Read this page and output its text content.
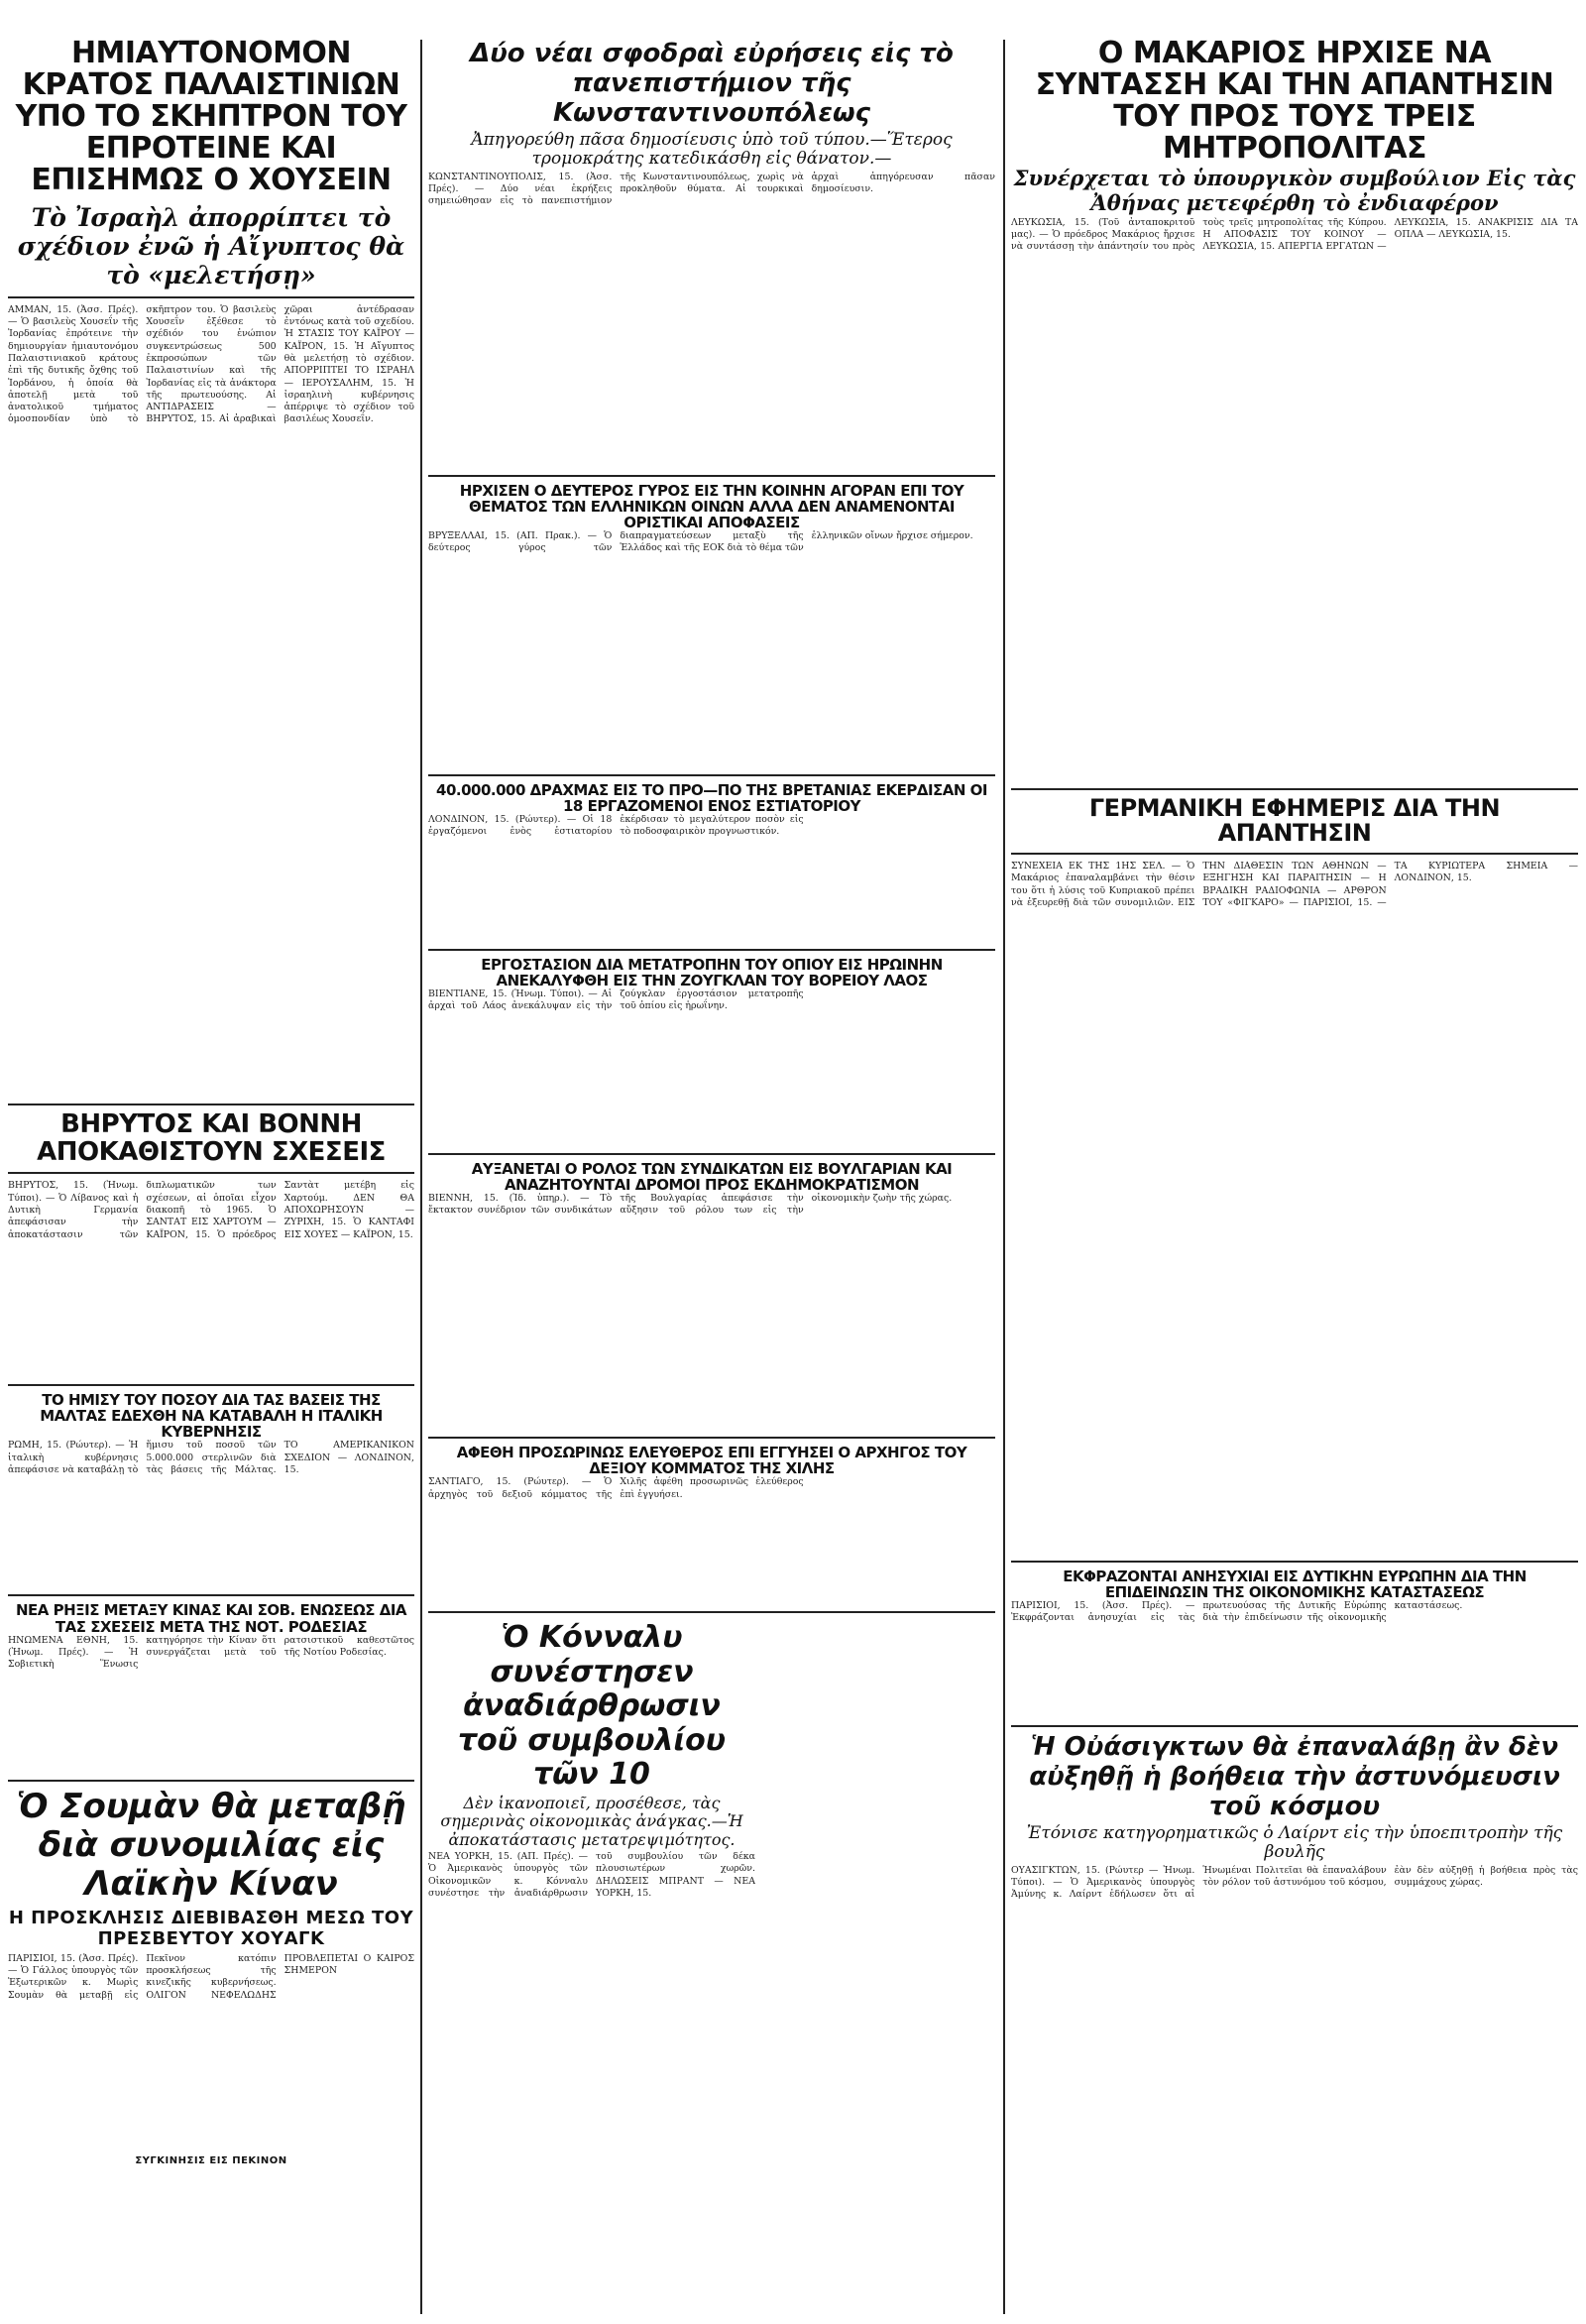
ΗΜΙΑΥΤΟΝΟΜΟΝ ΚΡΑΤΟΣ ΠΑΛΑΙΣΤΙΝΙΩΝ ΥΠΟ ΤΟ ΣΚΗΠΤΡΟΝ ΤΟΥ ΕΠΡΟΤΕΙΝΕ ΚΑΙ ΕΠΙΣΗΜΩΣ Ο ΧΟΥΣΕΙΝ
Τὸ Ἰσραὴλ ἀπορρίπτει τὸ σχέδιον ἐνῶ ἡ Αἴγυπτος θὰ τὸ «μελετήσῃ»

ΑΜΜΑΝ, 15. (Ἀσσ. Πρές). — Ὁ βασιλεὺς Χουσεΐν τῆς Ἰορδανίας ἐπρότεινε τὴν δημιουργίαν ἡμιαυτονόμου Παλαιστινιακοῦ κράτους ἐπὶ τῆς δυτικῆς ὄχθης τοῦ Ἰορδάνου, ἡ ὁποία θὰ ἀποτελῇ μετὰ τοῦ ἀνατολικοῦ τμήματος ὁμοσπονδίαν ὑπὸ τὸ σκῆπτρον του. Ὁ βασιλεὺς Χουσεΐν ἐξέθεσε τὸ σχέδιόν του ἐνώπιον συγκεντρώσεως 500 ἐκπροσώπων τῶν Παλαιστινίων καὶ τῆς Ἰορδανίας εἰς τὰ ἀνάκτορα τῆς πρωτευούσης. Αἱ ΑΝΤΙΔΡΑΣΕΙΣ — ΒΗΡΥΤΟΣ, 15. Αἱ ἀραβικαὶ χῶραι ἀντέδρασαν ἐντόνως κατὰ τοῦ σχεδίου. Ἡ ΣΤΑΣΙΣ ΤΟΥ ΚΑΪΡΟΥ — ΚΑΪΡΟΝ, 15. Ἡ Αἴγυπτος θὰ μελετήσῃ τὸ σχέδιον. ΑΠΟΡΡΙΠΤΕΙ ΤΟ ΙΣΡΑΗΛ — ΙΕΡΟΥΣΑΛΗΜ, 15. Ἡ ἰσραηλινὴ κυβέρνησις ἀπέρριψε τὸ σχέδιον τοῦ βασιλέως Χουσεΐν.

ΒΗΡΥΤΟΣ ΚΑΙ ΒΟΝΝΗ ΑΠΟΚΑΘΙΣΤΟΥΝ ΣΧΕΣΕΙΣ

ΒΗΡΥΤΟΣ, 15. (Ἠνωμ. Τύποι). — Ὁ Λίβανος καὶ ἡ Δυτικὴ Γερμανία ἀπεφάσισαν τὴν ἀποκατάστασιν τῶν διπλωματικῶν των σχέσεων, αἱ ὁποῖαι εἶχον διακοπῆ τὸ 1965. Ὁ ΣΑΝΤΑΤ ΕΙΣ ΧΑΡΤΟΥΜ — ΚΑΪΡΟΝ, 15. Ὁ πρόεδρος Σαντὰτ μετέβη εἰς Χαρτούμ. ΔΕΝ ΘΑ ΑΠΟΧΩΡΗΣΟΥΝ — ΖΥΡΙΧΗ, 15. Ὁ ΚΑΝΤΑΦΙ ΕΙΣ ΧΟΥΕΣ — ΚΑΪΡΟΝ, 15.

ΤΟ ΗΜΙΣΥ ΤΟΥ ΠΟΣΟΥ ΔΙΑ ΤΑΣ ΒΑΣΕΙΣ ΤΗΣ ΜΑΛΤΑΣ ΕΔΕΧΘΗ ΝΑ ΚΑΤΑΒΑΛΗ Η ΙΤΑΛΙΚΗ ΚΥΒΕΡΝΗΣΙΣ

ΡΩΜΗ, 15. (Ρώυτερ). — Ἡ ἰταλικὴ κυβέρνησις ἀπεφάσισε νὰ καταβάλῃ τὸ ἥμισυ τοῦ ποσοῦ τῶν 5.000.000 στερλινῶν διὰ τὰς βάσεις τῆς Μάλτας. ΤΟ ΑΜΕΡΙΚΑΝΙΚΟΝ ΣΧΕΔΙΟΝ — ΛΟΝΔΙΝΟΝ, 15.

ΝΕΑ ΡΗΞΙΣ ΜΕΤΑΞΥ ΚΙΝΑΣ ΚΑΙ ΣΟΒ. ΕΝΩΣΕΩΣ ΔΙΑ ΤΑΣ ΣΧΕΣΕΙΣ ΜΕΤΑ ΤΗΣ ΝΟΤ. ΡΟΔΕΣΙΑΣ

ΗΝΩΜΕΝΑ ΕΘΝΗ, 15. (Ἠνωμ. Πρές). — Ἡ Σοβιετικὴ Ἕνωσις κατηγόρησε τὴν Κίναν ὅτι συνεργάζεται μετὰ τοῦ ρατσιστικοῦ καθεστῶτος τῆς Νοτίου Ροδεσίας.

Ὁ Σουμὰν θὰ μεταβῇ διὰ συνομιλίας εἰς Λαϊκὴν Κίναν
Η ΠΡΟΣΚΛΗΣΙΣ ΔΙΕΒΙΒΑΣΘΗ ΜΕΣΩ ΤΟΥ ΠΡΕΣΒΕΥΤΟΥ ΧΟΥΑΓΚ

ΠΑΡΙΣΙΟΙ, 15. (Ἀσσ. Πρές). — Ὁ Γάλλος ὑπουργὸς τῶν Ἐξωτερικῶν κ. Μωρὶς Σουμὰν θὰ μεταβῇ εἰς Πεκῖνον κατόπιν προσκλήσεως τῆς κινεζικῆς κυβερνήσεως. ΟΛΙΓΟΝ ΝΕΦΕΛΩΔΗΣ ΠΡΟΒΛΕΠΕΤΑΙ Ο ΚΑΙΡΟΣ ΣΗΜΕΡΟΝ

ΣΥΓΚΙΝΗΣΙΣ ΕΙΣ ΠΕΚΙΝΟΝ
Δύο νέαι σφοδραὶ εὐρήσεις εἰς τὸ πανεπιστήμιον τῆς Κωνσταντινουπόλεως
Ἀπηγορεύθη πᾶσα δημοσίευσις ὑπὸ τοῦ τύπου.—Ἕτερος τρομοκράτης κατεδικάσθη εἰς θάνατον.—

ΚΩΝΣΤΑΝΤΙΝΟΥΠΟΛΙΣ, 15. (Ἀσσ. Πρές). — Δύο νέαι ἐκρήξεις σημειώθησαν εἰς τὸ πανεπιστήμιον τῆς Κωνσταντινουπόλεως, χωρὶς νὰ προκληθοῦν θύματα. Αἱ τουρκικαὶ ἀρχαὶ ἀπηγόρευσαν πᾶσαν δημοσίευσιν.

ΗΡΧΙΣΕΝ Ο ΔΕΥΤΕΡΟΣ ΓΥΡΟΣ ΕΙΣ ΤΗΝ ΚΟΙΝΗΝ ΑΓΟΡΑΝ ΕΠΙ ΤΟΥ ΘΕΜΑΤΟΣ ΤΩΝ ΕΛΛΗΝΙΚΩΝ ΟΙΝΩΝ ΑΛΛΑ ΔΕΝ ΑΝΑΜΕΝΟΝΤΑΙ ΟΡΙΣΤΙΚΑΙ ΑΠΟΦΑΣΕΙΣ

ΒΡΥΞΕΛΛΑΙ, 15. (ΑΠ. Πρακ.). — Ὁ δεύτερος γύρος τῶν διαπραγματεύσεων μεταξὺ τῆς Ἑλλάδος καὶ τῆς ΕΟΚ διὰ τὸ θέμα τῶν ἑλληνικῶν οἴνων ἤρχισε σήμερον.

40.000.000 ΔΡΑΧΜΑΣ ΕΙΣ ΤΟ ΠΡΟ—ΠΟ ΤΗΣ ΒΡΕΤΑΝΙΑΣ ΕΚΕΡΔΙΣΑΝ ΟΙ 18 ΕΡΓΑΖΟΜΕΝΟΙ ΕΝΟΣ ΕΣΤΙΑΤΟΡΙΟΥ

ΛΟΝΔΙΝΟΝ, 15. (Ρώυτερ). — Οἱ 18 ἐργαζόμενοι ἑνὸς ἑστιατορίου ἐκέρδισαν τὸ μεγαλύτερον ποσὸν εἰς τὸ ποδοσφαιρικὸν προγνωστικόν.

ΕΡΓΟΣΤΑΣΙΟΝ ΔΙΑ ΜΕΤΑΤΡΟΠΗΝ ΤΟΥ ΟΠΙΟΥ ΕΙΣ ΗΡΩΙΝΗΝ ΑΝΕΚΑΛΥΦΘΗ ΕΙΣ ΤΗΝ ΖΟΥΓΚΛΑΝ ΤΟΥ ΒΟΡΕΙΟΥ ΛΑΟΣ

ΒΙΕΝΤΙΑΝΕ, 15. (Ἠνωμ. Τύποι). — Αἱ ἀρχαὶ τοῦ Λάος ἀνεκάλυψαν εἰς τὴν ζούγκλαν ἐργοστάσιον μετατροπῆς τοῦ ὀπίου εἰς ἡρωΐνην.

ΑΥΞΑΝΕΤΑΙ Ο ΡΟΛΟΣ ΤΩΝ ΣΥΝΔΙΚΑΤΩΝ ΕΙΣ ΒΟΥΛΓΑΡΙΑΝ ΚΑΙ ΑΝΑΖΗΤΟΥΝΤΑΙ ΔΡΟΜΟΙ ΠΡΟΣ ΕΚΔΗΜΟΚΡΑΤΙΣΜΟΝ

ΒΙΕΝΝΗ, 15. (Ἰδ. ὑπηρ.). — Τὸ ἔκτακτον συνέδριον τῶν συνδικάτων τῆς Βουλγαρίας ἀπεφάσισε τὴν αὔξησιν τοῦ ρόλου των εἰς τὴν οἰκονομικὴν ζωὴν τῆς χώρας.

ΑΦΕΘΗ ΠΡΟΣΩΡΙΝΩΣ ΕΛΕΥΘΕΡΟΣ ΕΠΙ ΕΓΓΥΗΣΕΙ Ο ΑΡΧΗΓΟΣ ΤΟΥ ΔΕΞΙΟΥ ΚΟΜΜΑΤΟΣ ΤΗΣ ΧΙΛΗΣ

ΣΑΝΤΙΑΓΟ, 15. (Ρώυτερ). — Ὁ ἀρχηγὸς τοῦ δεξιοῦ κόμματος τῆς Χιλῆς ἀφέθη προσωρινῶς ἐλεύθερος ἐπὶ ἐγγυήσει.

Ὁ Κόνναλυ συνέστησεν ἀναδιάρθρωσιν τοῦ συμβουλίου τῶν 10
Δὲν ἱκανοποιεῖ, προσέθεσε, τὰς σημερινὰς οἰκονομικὰς ἀνάγκας.—Ἡ ἀποκατάστασις μετατρεψιμότητος.

ΝΕΑ ΥΟΡΚΗ, 15. (ΑΠ. Πρές). — Ὁ Ἀμερικανὸς ὑπουργὸς τῶν Οἰκονομικῶν κ. Κόνναλυ συνέστησε τὴν ἀναδιάρθρωσιν τοῦ συμβουλίου τῶν δέκα πλουσιωτέρων χωρῶν. ΔΗΛΩΣΕΙΣ ΜΠΡΑΝΤ — ΝΕΑ ΥΟΡΚΗ, 15.

Ο ΜΑΚΑΡΙΟΣ ΗΡΧΙΣΕ ΝΑ ΣΥΝΤΑΣΣΗ ΚΑΙ ΤΗΝ ΑΠΑΝΤΗΣΙΝ ΤΟΥ ΠΡΟΣ ΤΟΥΣ ΤΡΕΙΣ ΜΗΤΡΟΠΟΛΙΤΑΣ
Συνέρχεται τὸ ὑπουργικὸν συμβούλιον Εἰς τὰς Ἀθήνας μετεφέρθη τὸ ἐνδιαφέρον

ΛΕΥΚΩΣΙΑ, 15. (Τοῦ ἀνταποκριτοῦ μας). — Ὁ πρόεδρος Μακάριος ἤρχισε νὰ συντάσσῃ τὴν ἀπάντησίν του πρὸς τοὺς τρεῖς μητροπολίτας τῆς Κύπρου. Η ΑΠΟΦΑΣΙΣ ΤΟΥ ΚΟΙΝΟΥ — ΛΕΥΚΩΣΙΑ, 15. ΑΠΕΡΓΙΑ ΕΡΓΑΤΩΝ — ΛΕΥΚΩΣΙΑ, 15. ΑΝΑΚΡΙΣΙΣ ΔΙΑ ΤΑ ΟΠΛΑ — ΛΕΥΚΩΣΙΑ, 15.

ΓΕΡΜΑΝΙΚΗ ΕΦΗΜΕΡΙΣ ΔΙΑ ΤΗΝ ΑΠΑΝΤΗΣΙΝ

ΣΥΝΕΧΕΙΑ ΕΚ ΤΗΣ 1ΗΣ ΣΕΛ. — Ὁ Μακάριος ἐπαναλαμβάνει τὴν θέσιν του ὅτι ἡ λύσις τοῦ Κυπριακοῦ πρέπει νὰ ἐξευρεθῇ διὰ τῶν συνομιλιῶν. ΕΙΣ ΤΗΝ ΔΙΑΘΕΣΙΝ ΤΩΝ ΑΘΗΝΩΝ — ΕΞΗΓΗΣΗ ΚΑΙ ΠΑΡΑΙΤΗΣΙΝ — Η ΒΡΑΔΙΚΗ ΡΑΔΙΟΦΩΝΙΑ — ΑΡΘΡΟΝ ΤΟΥ «ΦΙΓΚΑΡΟ» — ΠΑΡΙΣΙΟΙ, 15. — ΤΑ ΚΥΡΙΩΤΕΡΑ ΣΗΜΕΙΑ — ΛΟΝΔΙΝΟΝ, 15.

ΕΚΦΡΑΖΟΝΤΑΙ ΑΝΗΣΥΧΙΑΙ ΕΙΣ ΔΥΤΙΚΗΝ ΕΥΡΩΠΗΝ ΔΙΑ ΤΗΝ ΕΠΙΔΕΙΝΩΣΙΝ ΤΗΣ ΟΙΚΟΝΟΜΙΚΗΣ ΚΑΤΑΣΤΑΣΕΩΣ

ΠΑΡΙΣΙΟΙ, 15. (Ἀσσ. Πρές). — Ἐκφράζονται ἀνησυχίαι εἰς τὰς πρωτευούσας τῆς Δυτικῆς Εὐρώπης διὰ τὴν ἐπιδείνωσιν τῆς οἰκονομικῆς καταστάσεως.

Ἡ Οὐάσιγκτων θὰ ἐπαναλάβῃ ἂν δὲν αὐξηθῇ ἡ βοήθεια τὴν ἀστυνόμευσιν τοῦ κόσμου
Ἐτόνισε κατηγορηματικῶς ὁ Λαίρντ εἰς τὴν ὑποεπιτροπὴν τῆς βουλῆς

ΟΥΑΣΙΓΚΤΩΝ, 15. (Ρώυτερ — Ἠνωμ. Τύποι). — Ὁ Ἀμερικανὸς ὑπουργὸς Ἀμύνης κ. Λαίρντ ἐδήλωσεν ὅτι αἱ Ἡνωμέναι Πολιτεῖαι θὰ ἐπαναλάβουν τὸν ρόλον τοῦ ἀστυνόμου τοῦ κόσμου, ἐὰν δὲν αὐξηθῇ ἡ βοήθεια πρὸς τὰς συμμάχους χώρας.
